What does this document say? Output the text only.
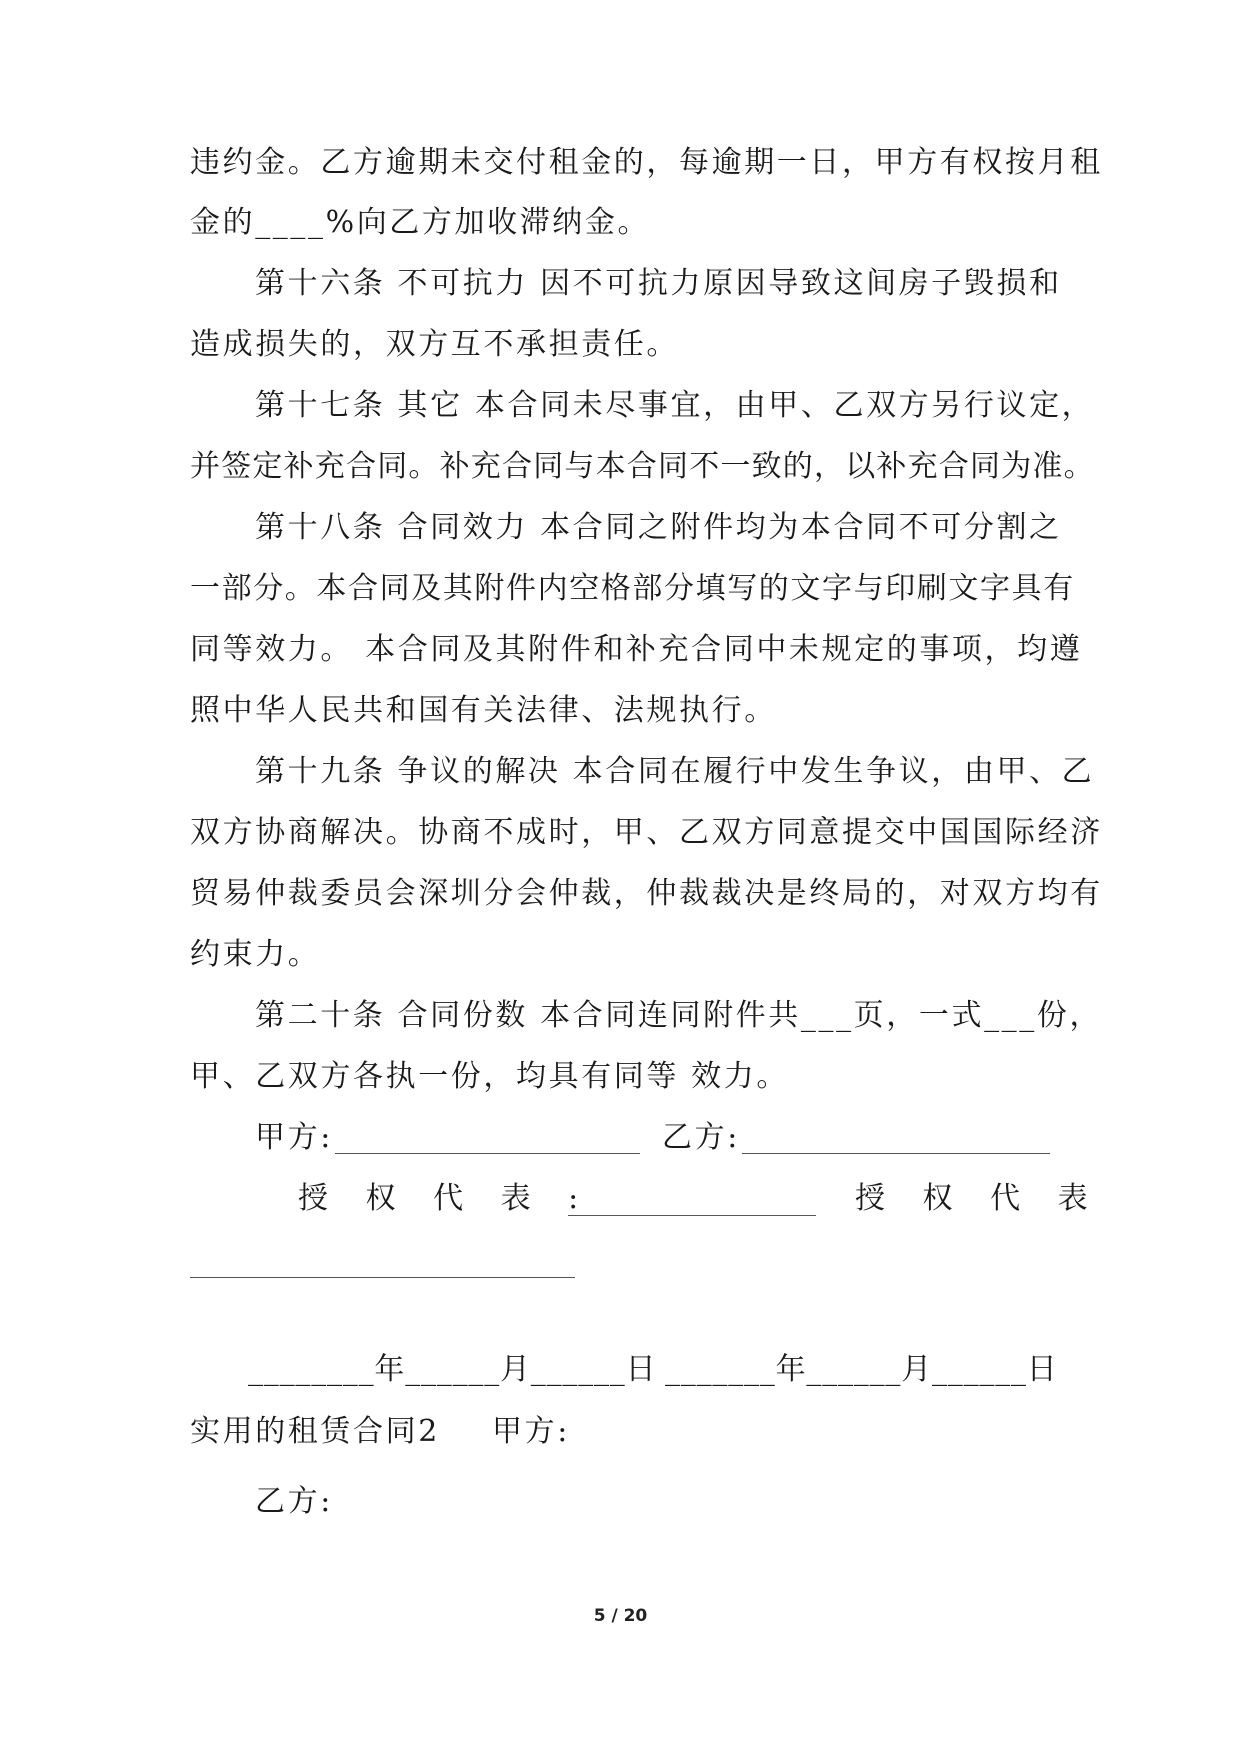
违约金。乙方逾期未交付租金的，每逾期一日，甲方有权按月租
金的____%向乙方加收滞纳金。
第十六条 不可抗力 因不可抗力原因导致这间房子毁损和
造成损失的，双方互不承担责任。
第十七条 其它 本合同未尽事宜，由甲、乙双方另行议定，
并签定补充合同。补充合同与本合同不一致的，以补充合同为准。
第十八条 合同效力 本合同之附件均为本合同不可分割之
一部分。本合同及其附件内空格部分填写的文字与印刷文字具有
同等效力。 本合同及其附件和补充合同中未规定的事项，均遵
照中华人民共和国有关法律、法规执行。
第十九条 争议的解决 本合同在履行中发生争议，由甲、乙
双方协商解决。协商不成时，甲、乙双方同意提交中国国际经济
贸易仲裁委员会深圳分会仲裁，仲裁裁决是终局的，对双方均有
约束力。
第二十条 合同份数 本合同连同附件共___页，一式___份，
甲、乙双方各执一份，均具有同等 效力。
甲方:	乙方:
授 权 代 表 :	授 权 代 表
________年______月______日 _______年______月______日
实用的租赁合同2	甲方:
乙方:
5 / 20
